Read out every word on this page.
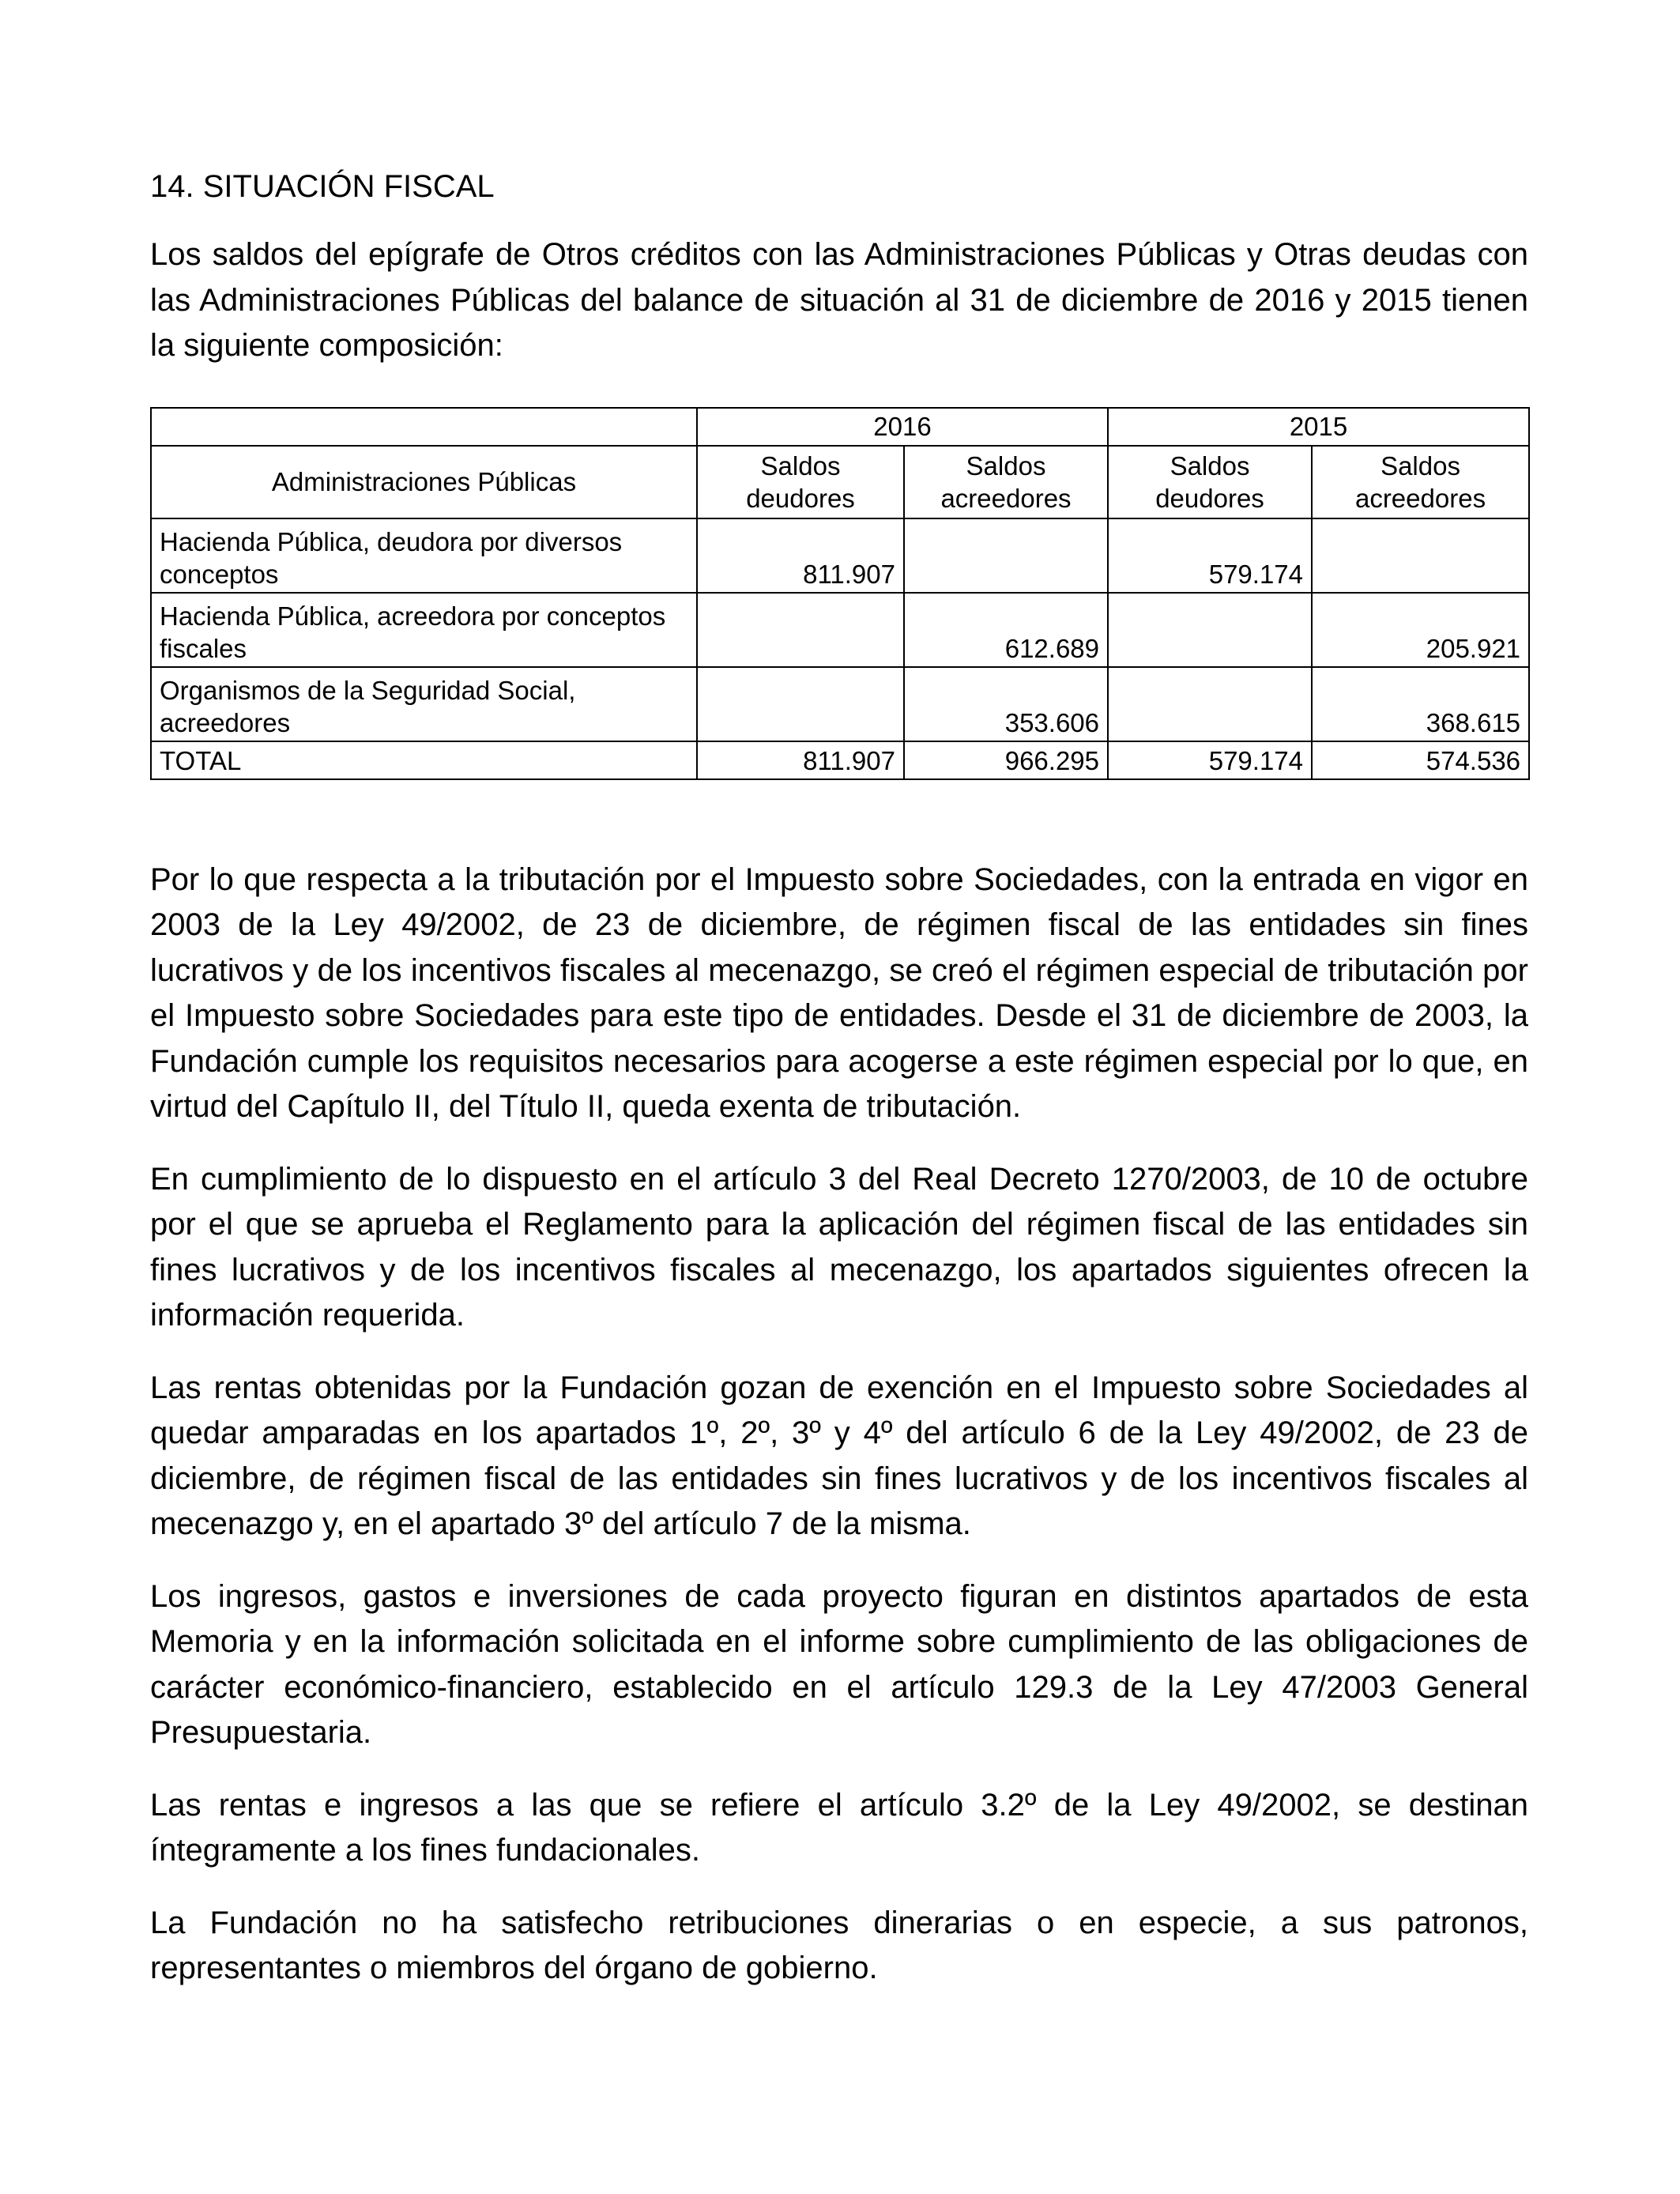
14. SITUACIÓN FISCAL

Los saldos del epígrafe de Otros créditos con las Administraciones Públicas y Otras deudas con las Administraciones Públicas del balance de situación al 31 de diciembre de 2016 y 2015 tienen la siguiente composición:

	2016		2015	
Administraciones Públicas	Saldos deudores	Saldos acreedores	Saldos deudores	Saldos acreedores
Hacienda Pública, deudora por diversos conceptos	811.907		579.174	
Hacienda Pública, acreedora por conceptos fiscales		612.689		205.921
Organismos de la Seguridad Social, acreedores		353.606		368.615
TOTAL	811.907	966.295	579.174	574.536

Por lo que respecta a la tributación por el Impuesto sobre Sociedades, con la entrada en vigor en 2003 de la Ley 49/2002, de 23 de diciembre, de régimen fiscal de las entidades sin fines lucrativos y de los incentivos fiscales al mecenazgo, se creó el régimen especial de tributación por el Impuesto sobre Sociedades para este tipo de entidades. Desde el 31 de diciembre de 2003, la Fundación cumple los requisitos necesarios para acogerse a este régimen especial por lo que, en virtud del Capítulo II, del Título II, queda exenta de tributación.

En cumplimiento de lo dispuesto en el artículo 3 del Real Decreto 1270/2003, de 10 de octubre por el que se aprueba el Reglamento para la aplicación del régimen fiscal de las entidades sin fines lucrativos y de los incentivos fiscales al mecenazgo, los apartados siguientes ofrecen la información requerida.

Las rentas obtenidas por la Fundación gozan de exención en el Impuesto sobre Sociedades al quedar amparadas en los apartados 1º, 2º, 3º y 4º del artículo 6 de la Ley 49/2002, de 23 de diciembre, de régimen fiscal de las entidades sin fines lucrativos y de los incentivos fiscales al mecenazgo y, en el apartado 3º del artículo 7 de la misma.

Los ingresos, gastos e inversiones de cada proyecto figuran en distintos apartados de esta Memoria y en la información solicitada en el informe sobre cumplimiento de las obligaciones de carácter económico-financiero, establecido en el artículo 129.3 de la Ley 47/2003 General Presupuestaria.

Las rentas e ingresos a las que se refiere el artículo 3.2º de la Ley 49/2002, se destinan íntegramente a los fines fundacionales.

La Fundación no ha satisfecho retribuciones dinerarias o en especie, a sus patronos, representantes o miembros del órgano de gobierno.
